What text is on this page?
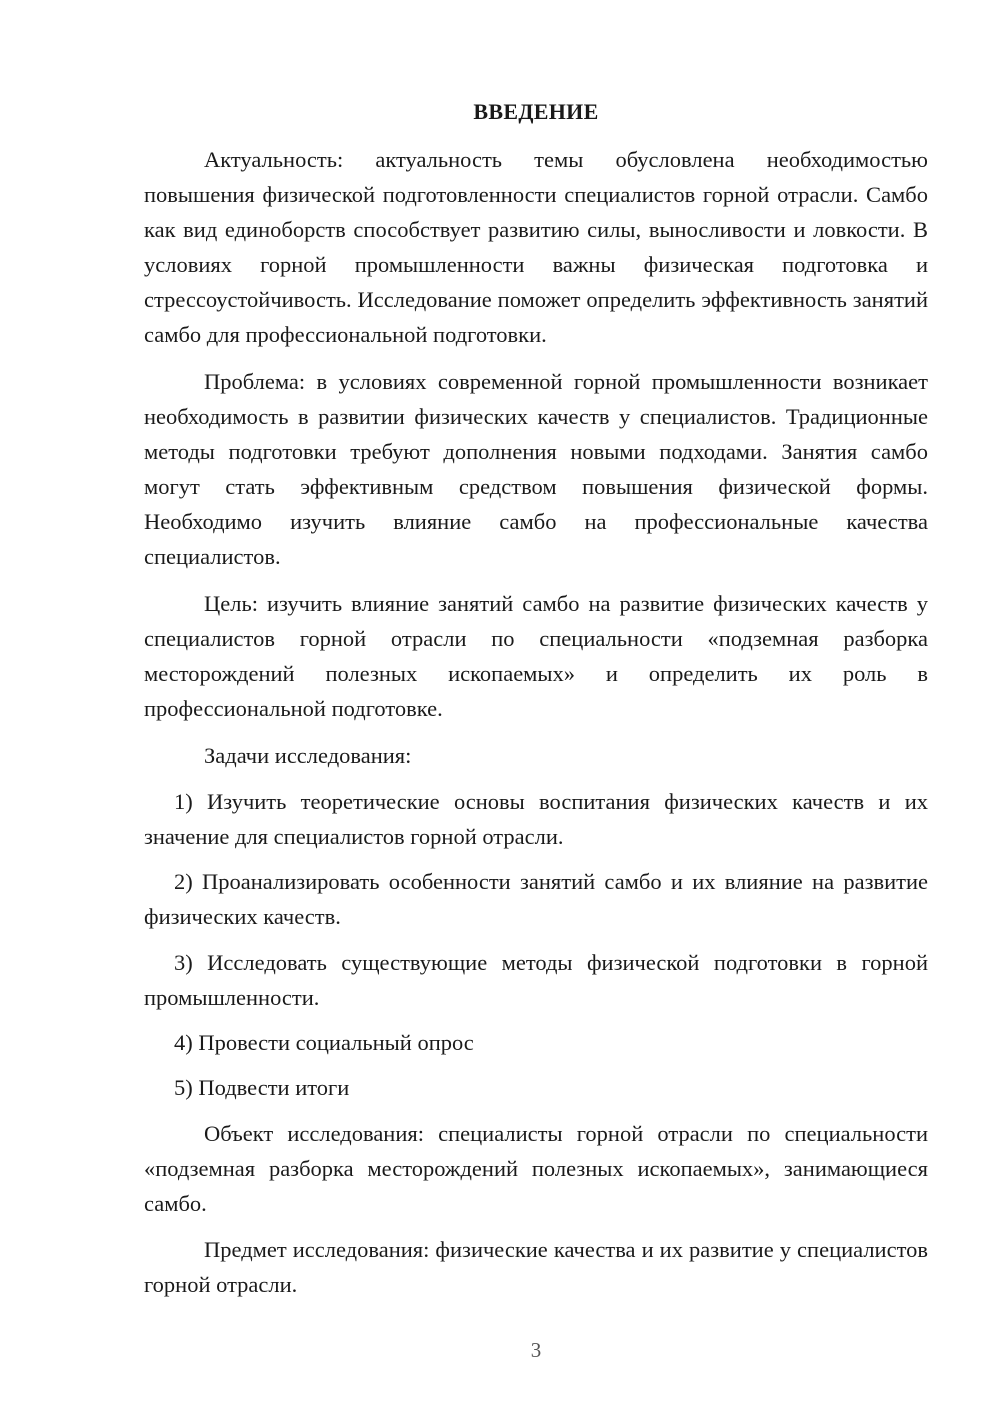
ВВЕДЕНИЕ

Актуальность: актуальность темы обусловлена необходимостью повышения физической подготовленности специалистов горной отрасли. Самбо как вид единоборств способствует развитию силы, выносливости и ловкости. В условиях горной промышленности важны физическая подготовка и стрессоустойчивость. Исследование поможет определить эффективность занятий самбо для профессиональной подготовки.

Проблема: в условиях современной горной промышленности возникает необходимость в развитии физических качеств у специалистов. Традиционные методы подготовки требуют дополнения новыми подходами. Занятия самбо могут стать эффективным средством повышения физической формы. Необходимо изучить влияние самбо на профессиональные качества специалистов.

Цель: изучить влияние занятий самбо на развитие физических качеств у специалистов горной отрасли по специальности «подземная разборка месторождений полезных ископаемых» и определить их роль в профессиональной подготовке.

Задачи исследования:

1) Изучить теоретические основы воспитания физических качеств и их значение для специалистов горной отрасли.

2) Проанализировать особенности занятий самбо и их влияние на развитие физических качеств.

3) Исследовать существующие методы физической подготовки в горной промышленности.

4) Провести социальный опрос

5) Подвести итоги

Объект исследования: специалисты горной отрасли по специальности «подземная разборка месторождений полезных ископаемых», занимающиеся самбо.

Предмет исследования: физические качества и их развитие у специалистов горной отрасли.

3
